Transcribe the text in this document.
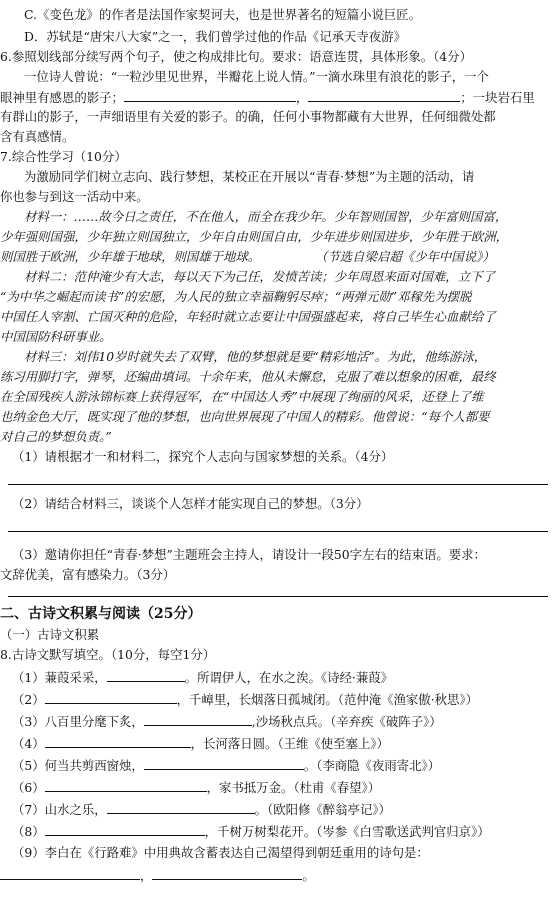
C.《变色龙》的作者是法国作家契诃夫，也是世界著名的短篇小说巨匠。
D．苏轼是“唐宋八大家”之一，我们曾学过他的作品《记承天寺夜游》
6.参照划线部分续写两个句子，使之构成排比句。要求：语意连贯，具体形象。（4分）
一位诗人曾说：“一粒沙里见世界，半瓣花上说人情。”一滴水珠里有浪花的影子，一个
眼神里有感恩的影子；	，	；一块岩石里
有群山的影子，一声细语里有关爱的影子。的确，任何小事物都藏有大世界，任何细微处都
含有真感情。
7.综合性学习（10分）
为激励同学们树立志向、践行梦想，某校正在开展以“青春·梦想”为主题的活动，请
你也参与到这一活动中来。
材料一：……故今日之责任，不在他人，而全在我少年。少年智则国智，少年富则国富，
少年强则国强，少年独立则国独立，少年自由则国自由，少年进步则国进步，少年胜于欧洲，
则国胜于欧洲，少年雄于地球，则国雄于地球。	（节选自梁启超《少年中国说》）
材料二：范仲淹少有大志，每以天下为己任，发愤苦读；少年周恩来面对国难，立下了
“为中华之崛起而读书”的宏愿，为人民的独立幸福鞠躬尽瘁；“两弹元勋”邓稼先为摆脱
中国任人宰割、亡国灭种的危险，年轻时就立志要让中国强盛起来，将自己毕生心血献给了
中国国防科研事业。
材料三：刘伟10岁时就失去了双臂，他的梦想就是要“精彩地活”。为此，他练游泳，
练习用脚打字，弹琴，还编曲填词。十余年来，他从未懈怠，克服了难以想象的困难，最终
在全国残疾人游泳锦标赛上获得冠军，在“中国达人秀”中展现了绚丽的风采，还登上了维
也纳金色大厅，既实现了他的梦想，也向世界展现了中国人的精彩。他曾说：“每个人都要
对自己的梦想负责。”
（1）请根据才一和材料二，探究个人志向与国家梦想的关系。（4分）
（2）请结合材料三，谈谈个人怎样才能实现自己的梦想。（3分）
（3）邀请你担任“青春·梦想”主题班会主持人，请设计一段50字左右的结束语。要求：
文辞优美，富有感染力。（3分）
二、古诗文积累与阅读（25分）
（一）古诗文积累
8.古诗文默写填空。（10分，每空1分）
（1）蒹葭采采，	。所谓伊人，在水之涘。《诗经·蒹葭》
（2）	，千嶂里，长烟落日孤城闭。（范仲淹《渔家傲·秋思》）
（3）八百里分麾下炙，	,沙场秋点兵。（辛弃疾《破阵子》）
（4）	，长河落日圆。（王维《使至塞上》）
（5）何当共剪西窗烛，	。（李商隐《夜雨寄北》）
（6）	，家书抵万金。（杜甫《春望》）
（7）山水之乐，	。（欧阳修《醉翁亭记》）
（8）	，千树万树梨花开。（岑参《白雪歌送武判官归京》）
（9）李白在《行路难》中用典故含蓄表达自己渴望得到朝廷重用的诗句是：
，	。
